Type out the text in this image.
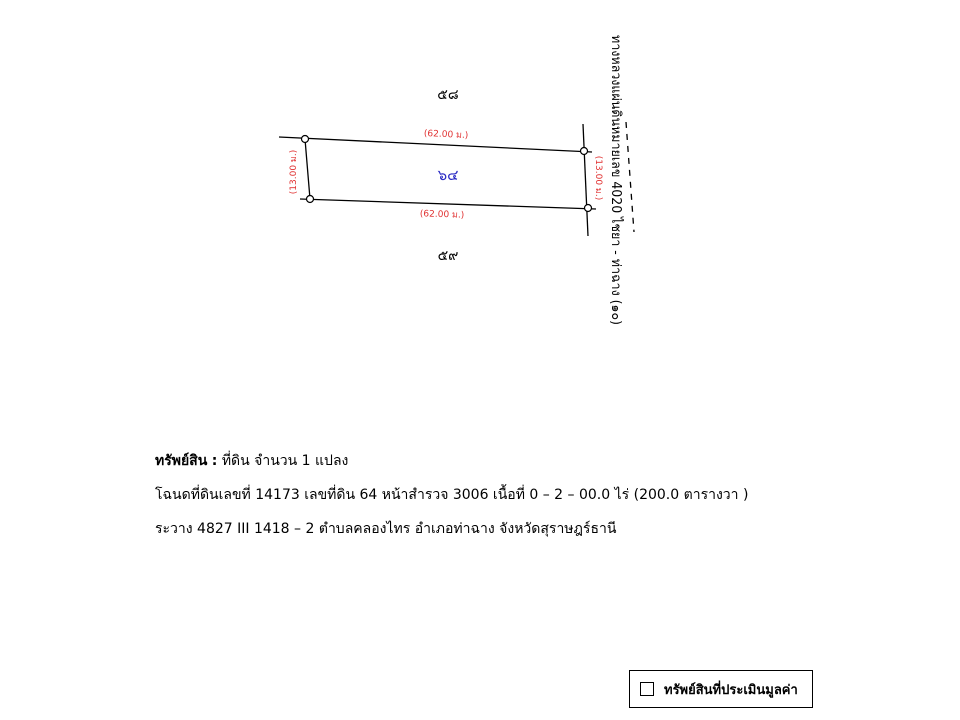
๕๘
๖๔
๕๙
(62.00 ม.)
(62.00 ม.)
(13.00 ม.)	(13.00 ม.) ทางหลวงแผ่นดินหมายเลข 4020 ไชยา - ท่าฉาง (๑๐)
ทรัพย์สิน : ที่ดิน จำนวน 1 แปลง
โฉนดที่ดินเลขที่ 14173 เลขที่ดิน 64 หน้าสำรวจ 3006 เนื้อที่ 0 – 2 – 00.0 ไร่ (200.0 ตารางวา )
ระวาง 4827 III 1418 – 2 ตำบลคลองไทร อำเภอท่าฉาง จังหวัดสุราษฎร์ธานี
ทรัพย์สินที่ประเมินมูลค่า
